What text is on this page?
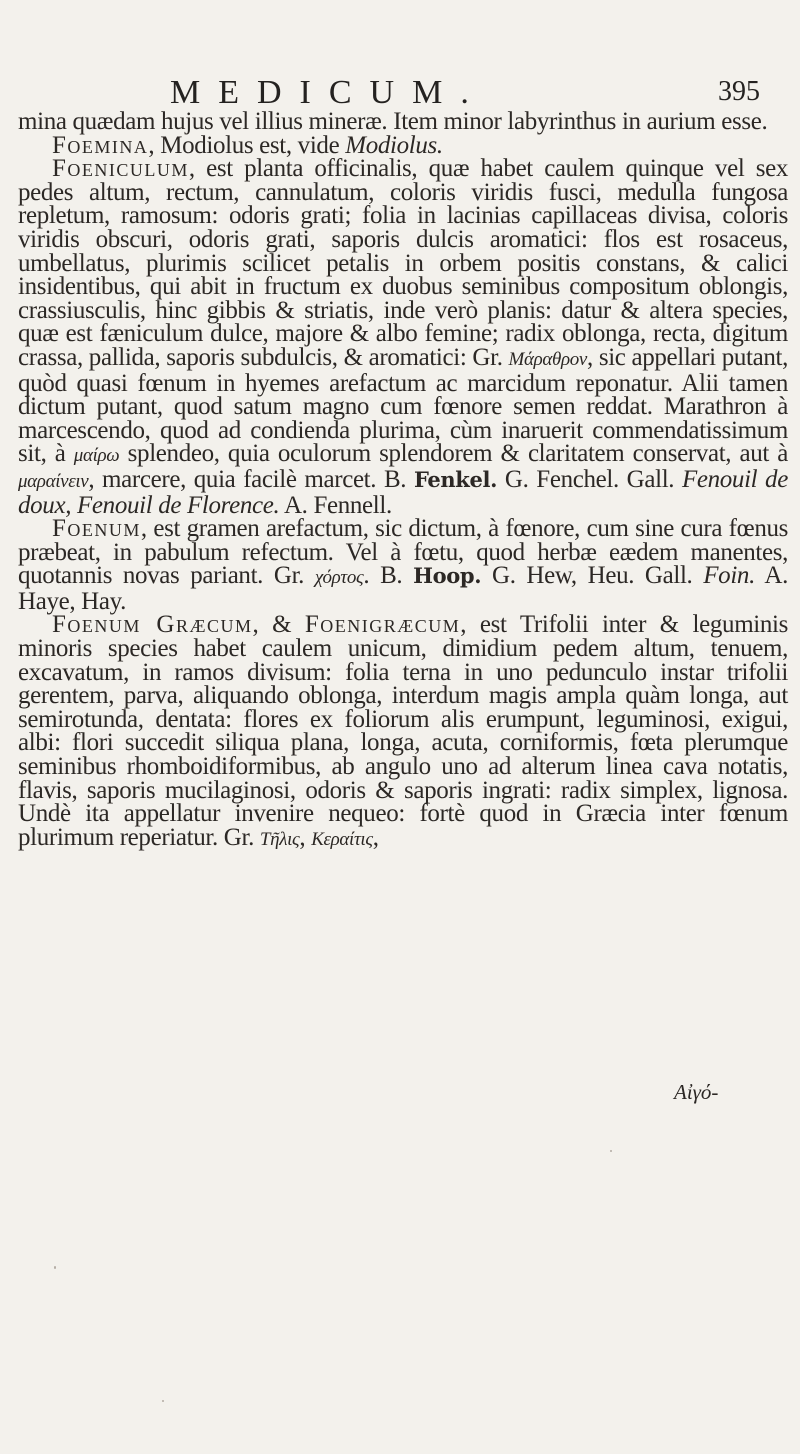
MEDICUM.	395

mina quædam hujus vel illius mineræ. Item minor labyrinthus in aurium esse.

Foemina, Modiolus est, vide Modiolus.

Foeniculum, est planta officinalis, quæ habet caulem quinque vel sex pedes altum, rectum, cannulatum, coloris viridis fusci, medulla fungosa repletum, ramosum: odoris grati; folia in lacinias capillaceas divisa, coloris viridis obscuri, odoris grati, saporis dulcis aromatici: flos est rosaceus, umbellatus, plurimis scilicet petalis in orbem positis constans, & calici insidentibus, qui abit in fructum ex duobus seminibus compositum oblongis, crassiusculis, hinc gibbis & striatis, inde verò planis: datur & altera species, quæ est fæniculum dulce, majore & albo femine; radix oblonga, recta, digitum crassa, pallida, saporis subdulcis, & aromatici: Gr. Μάραθρον, sic appellari putant, quòd quasi fœnum in hyemes arefactum ac marcidum reponatur. Alii tamen dictum putant, quod satum magno cum fœnore semen reddat. Marathron à marcescendo, quod ad condienda plurima, cùm inaruerit commendatissimum sit, à μαίρω splendeo, quia oculorum splendorem & claritatem conservat, aut à μαραίνειν, marcere, quia facilè marcet. B. Fenkel. G. Fenchel. Gall. Fenouil de doux, Fenouil de Florence. A. Fennell.

Foenum, est gramen arefactum, sic dictum, à fœnore, cum sine cura fœnus præbeat, in pabulum refectum. Vel à fœtu, quod herbæ eædem manentes, quotannis novas pariant. Gr. χόρτος. B. Hoop. G. Hew, Heu. Gall. Foin. A. Haye, Hay.

Foenum Græcum, & Foenigræcum, est Trifolii inter & leguminis minoris species habet caulem unicum, dimidium pedem altum, tenuem, excavatum, in ramos divisum: folia terna in uno pedunculo instar trifolii gerentem, parva, aliquando oblonga, interdum magis ampla quàm longa, aut semirotunda, dentata: flores ex foliorum alis erumpunt, leguminosi, exigui, albi: flori succedit siliqua plana, longa, acuta, corniformis, fœta plerumque seminibus rhomboidiformibus, ab angulo uno ad alterum linea cava notatis, flavis, saporis mucilaginosi, odoris & saporis ingrati: radix simplex, lignosa. Undè ita appellatur invenire nequeo: fortè quod in Græcia inter fœnum plurimum reperiatur. Gr. Τῆλις, Κεραίτις,

Αἰγό-
